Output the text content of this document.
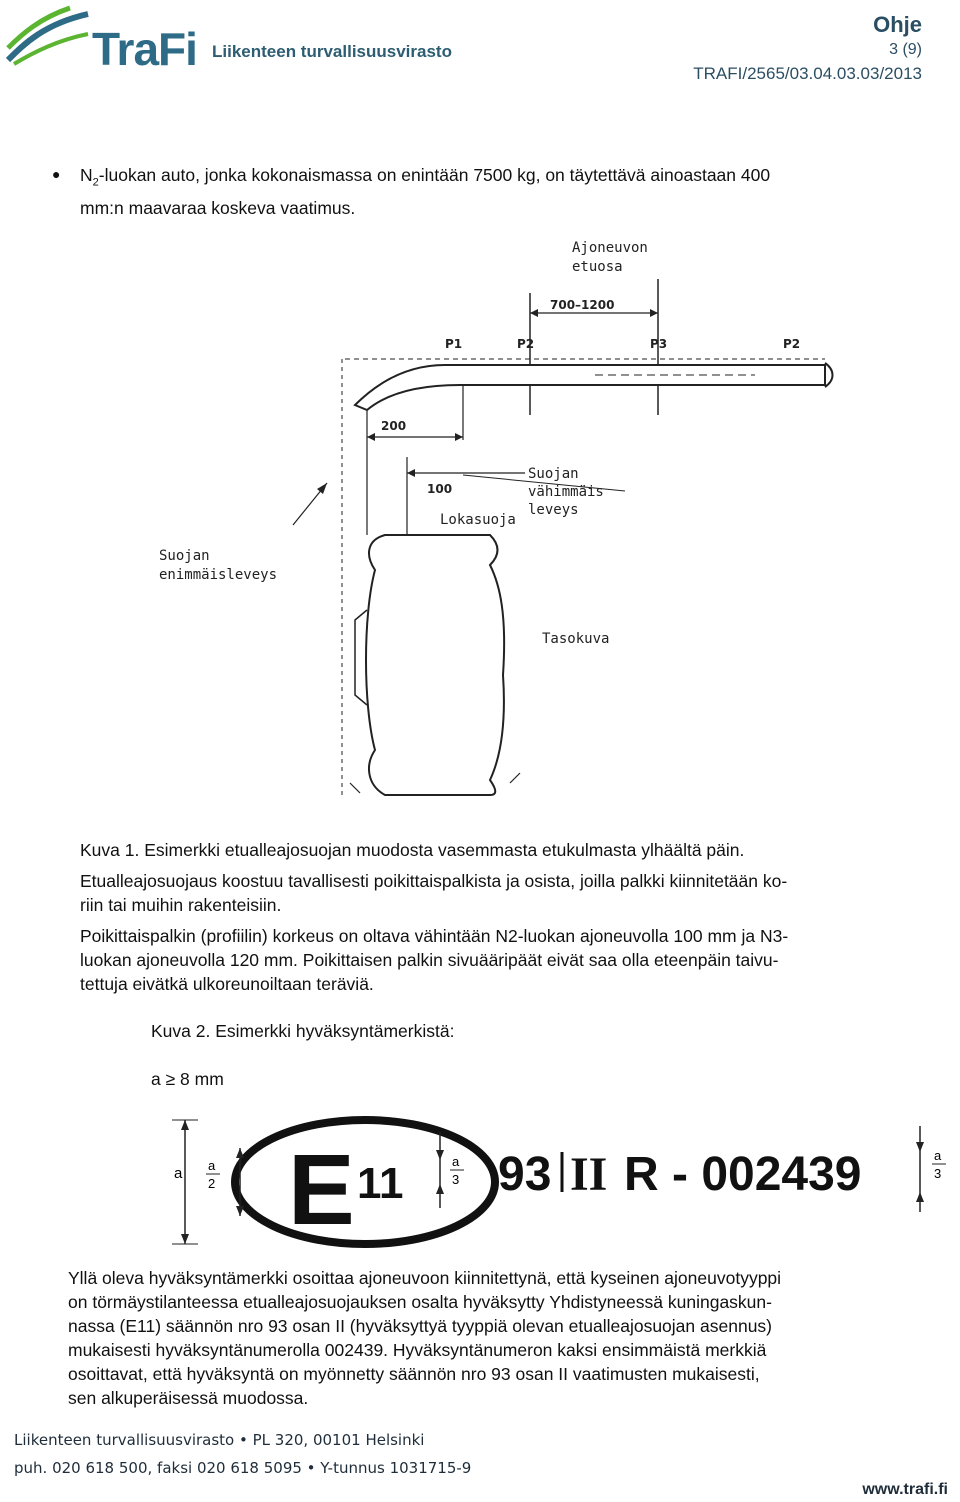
TraFi Liikenteen turvallisuusvirasto
Ohje
3 (9)
TRAFI/2565/03.04.03.03/2013
● $N_2$-luokan auto, jonka kokonaismassa on enintään 7500 kg, on täytettävä ainoastaan 400
mm:n maavaraa koskeva vaatimus.
Ajoneuvon
etuosa
700–1200
P1	P2	P3	P2
200
100
Suojan
vähimmäis
leveys
Lokasuoja
Suojan
enimmäisleveys
Tasokuva
Kuva 1. Esimerkki etualleajosuojan muodosta vasemmasta etukulmasta ylhäältä päin.
Etualleajosuojaus koostuu tavallisesti poikittaispalkista ja osista, joilla palkki kiinnitetään ko-
riin tai muihin rakenteisiin.
Poikittaispalkin (profiilin) korkeus on oltava vähintään N2-luokan ajoneuvolla 100 mm ja N3-
luokan ajoneuvolla 120 mm. Poikittaisen palkin sivuääripäät eivät saa olla eteenpäin taivu-
tettuja eivätkä ulkoreunoiltaan teräviä.
Kuva 2. Esimerkki hyväksyntämerkistä:
a ≥ 8 mm
a a
2 E 11	a
3 93 II R - 002439	a
3
Yllä oleva hyväksyntämerkki osoittaa ajoneuvoon kiinnitettynä, että kyseinen ajoneuvotyyppi
on törmäystilanteessa etualleajosuojauksen osalta hyväksytty Yhdistyneessä kuningaskun-
nassa (E11) säännön nro 93 osan II (hyväksyttyä tyyppiä olevan etualleajosuojan asennus)
mukaisesti hyväksyntänumerolla 002439. Hyväksyntänumeron kaksi ensimmäistä merkkiä
osoittavat, että hyväksyntä on myönnetty säännön nro 93 osan II vaatimusten mukaisesti,
sen alkuperäisessä muodossa.
Liikenteen turvallisuusvirasto • PL 320, 00101 Helsinki
puh. 020 618 500, faksi 020 618 5095 • Y-tunnus 1031715-9
www.trafi.fi
